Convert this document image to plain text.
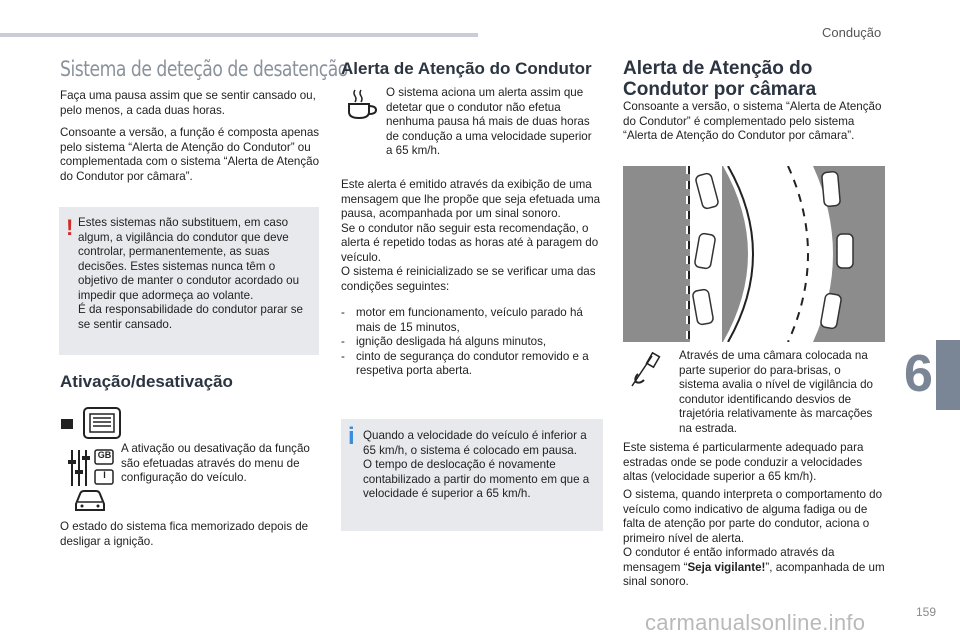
Condução
6
159
Sistema de deteção de desatenção
Faça uma pausa assim que se sentir cansado ou, pelo menos, a cada duas horas.
Consoante a versão, a função é composta apenas pelo sistema “Alerta de Atenção do Condutor” ou complementada com o sistema “Alerta de Atenção do Condutor por câmara”.
! Estes sistemas não substituem, em caso algum, a vigilância do condutor que deve controlar, permanentemente, as suas decisões. Estes sistemas nunca têm o objetivo de manter o condutor acordado ou impedir que adormeça ao volante.
É da responsabilidade do condutor parar se se sentir cansado.
Ativação/desativação
GB
I
A ativação ou desativação da função são efetuadas através do menu de configuração do veículo.
O estado do sistema fica memorizado depois de desligar a ignição.
Alerta de Atenção do Condutor
O sistema aciona um alerta assim que detetar que o condutor não efetua nenhuma pausa há mais de duas horas de condução a uma velocidade superior a 65 km/h.
Este alerta é emitido através da exibição de uma mensagem que lhe propõe que seja efetuada uma pausa, acompanhada por um sinal sonoro.
Se o condutor não seguir esta recomendação, o alerta é repetido todas as horas até à paragem do veículo.
O sistema é reinicializado se se verificar uma das condições seguintes:
- motor em funcionamento, veículo parado há mais de 15 minutos,
- ignição desligada há alguns minutos,
- cinto de segurança do condutor removido e a respetiva porta aberta.
i Quando a velocidade do veículo é inferior a 65 km/h, o sistema é colocado em pausa.
O tempo de deslocação é novamente contabilizado a partir do momento em que a velocidade é superior a 65 km/h.
Alerta de Atenção do Condutor por câmara
Consoante a versão, o sistema “Alerta de Atenção do Condutor” é complementado pelo sistema “Alerta de Atenção do Condutor por câmara”.
Através de uma câmara colocada na parte superior do para-brisas, o sistema avalia o nível de vigilância do condutor identificando desvios de trajetória relativamente às marcações na estrada.
Este sistema é particularmente adequado para estradas onde se pode conduzir a velocidades altas (velocidade superior a 65 km/h).
O sistema, quando interpreta o comportamento do veículo como indicativo de alguma fadiga ou de falta de atenção por parte do condutor, aciona o primeiro nível de alerta.
O condutor é então informado através da mensagem “Seja vigilante!”, acompanhada de um sinal sonoro.
carmanualsonline.info
